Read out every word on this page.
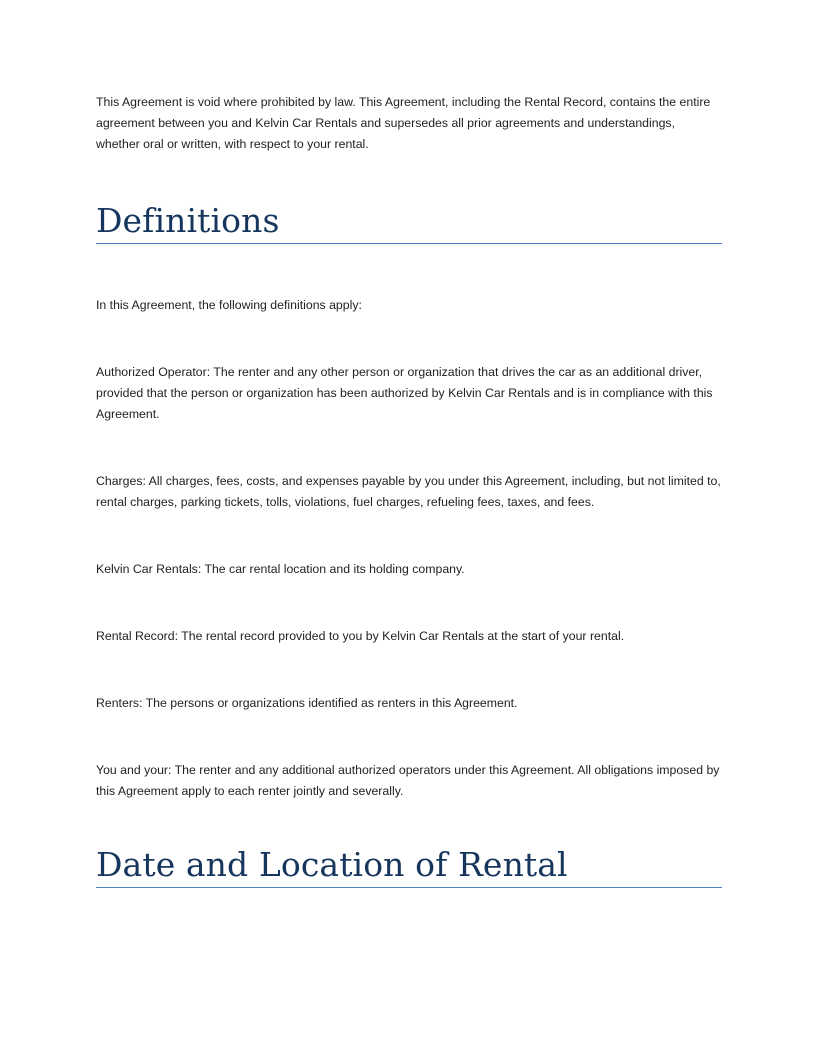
This Agreement is void where prohibited by law. This Agreement, including the Rental Record, contains the entire agreement between you and Kelvin Car Rentals and supersedes all prior agreements and understandings, whether oral or written, with respect to your rental.

Definitions

In this Agreement, the following definitions apply:

Authorized Operator: The renter and any other person or organization that drives the car as an additional driver, provided that the person or organization has been authorized by Kelvin Car Rentals and is in compliance with this Agreement.

Charges: All charges, fees, costs, and expenses payable by you under this Agreement, including, but not limited to, rental charges, parking tickets, tolls, violations, fuel charges, refueling fees, taxes, and fees.

Kelvin Car Rentals: The car rental location and its holding company.

Rental Record: The rental record provided to you by Kelvin Car Rentals at the start of your rental.

Renters: The persons or organizations identified as renters in this Agreement.

You and your: The renter and any additional authorized operators under this Agreement. All obligations imposed by this Agreement apply to each renter jointly and severally.

Date and Location of Rental
